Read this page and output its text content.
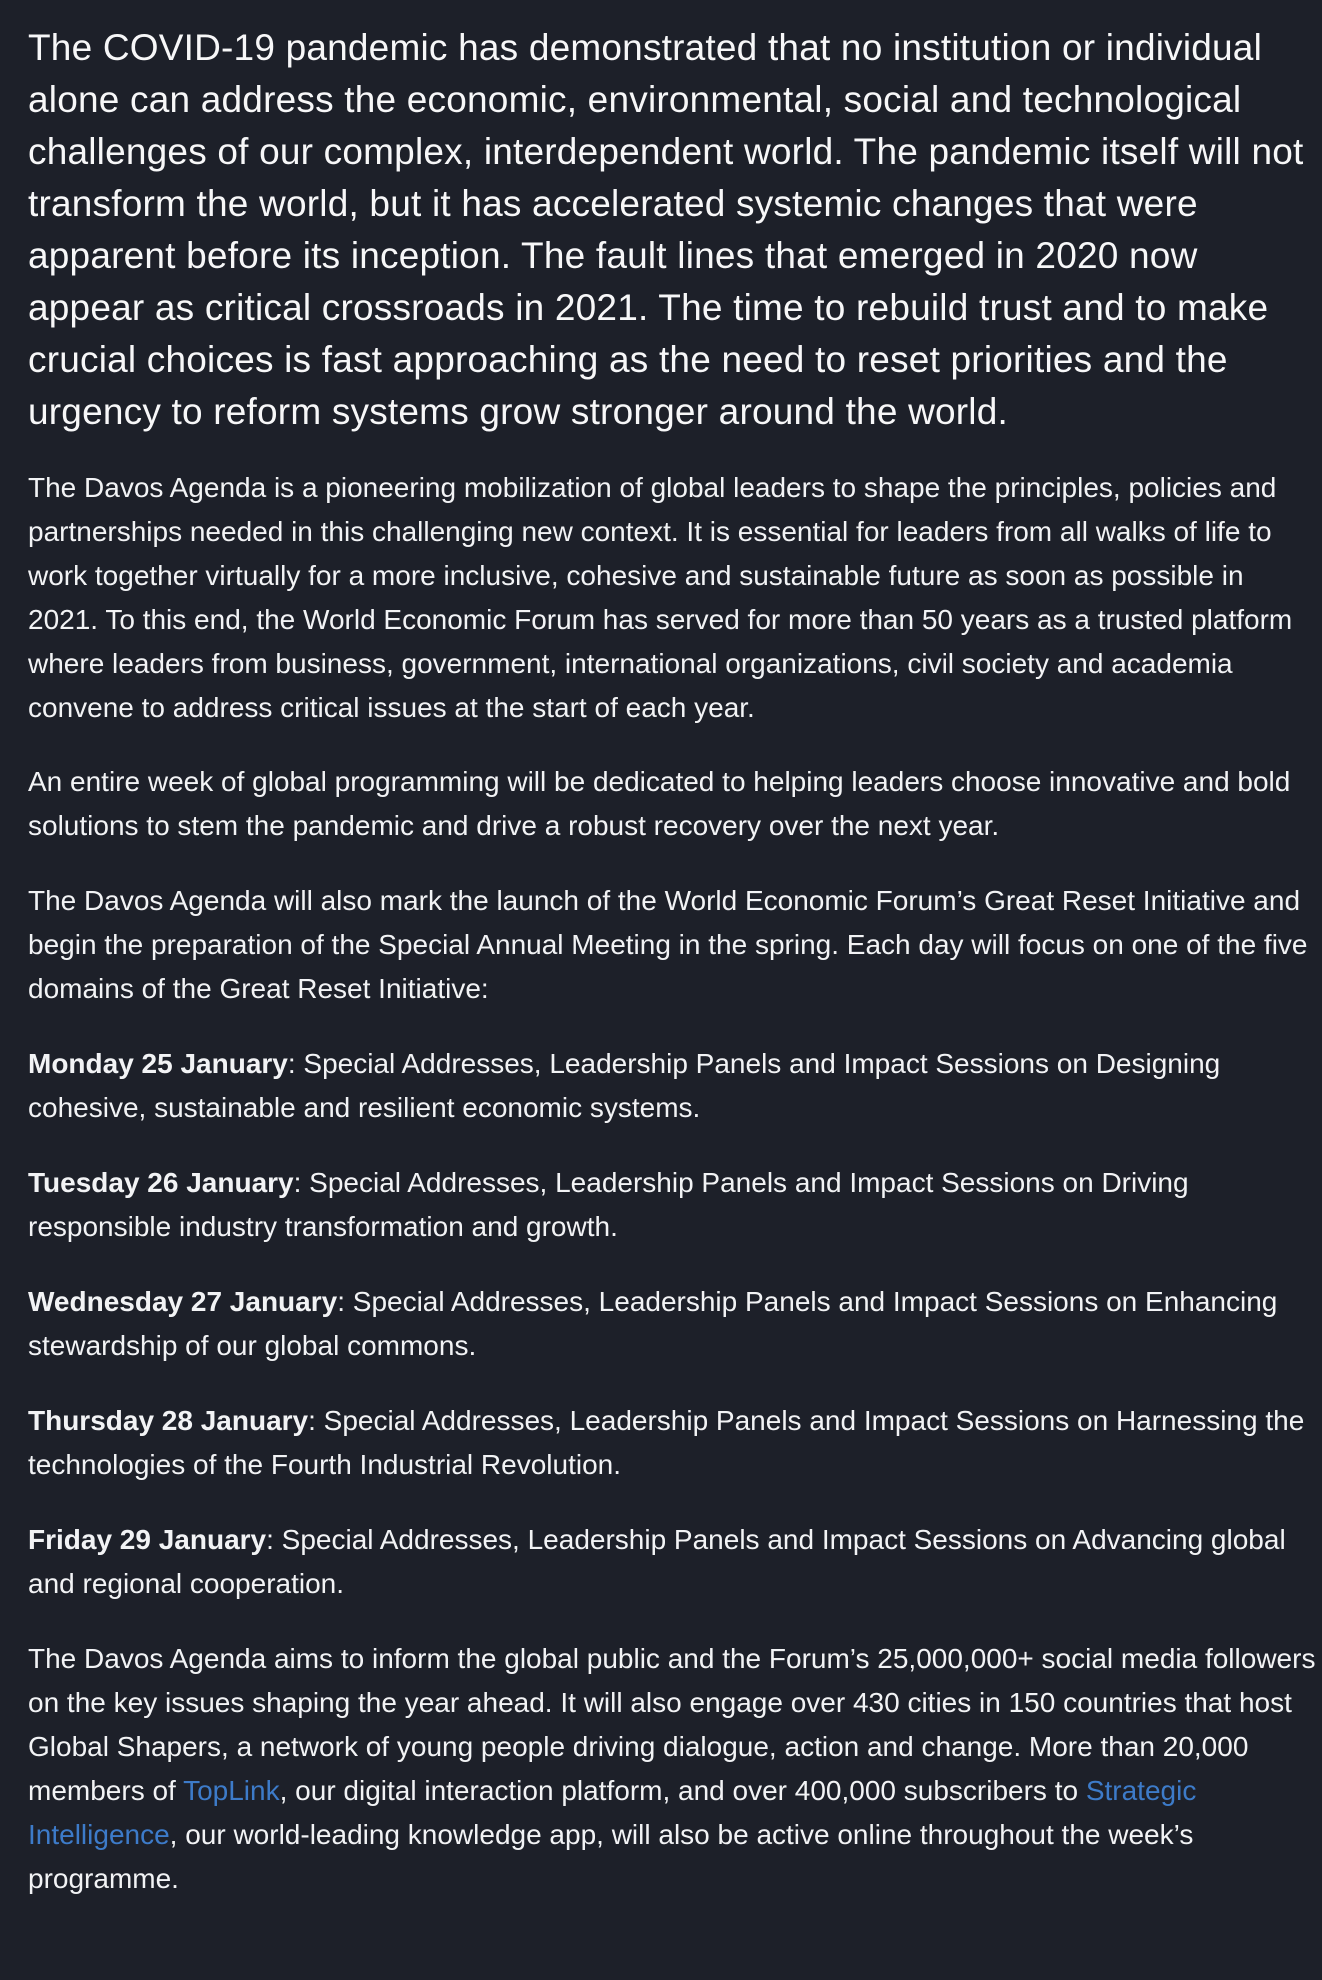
The COVID-19 pandemic has demonstrated that no institution or individual alone can address the economic, environmental, social and technological challenges of our complex, interdependent world. The pandemic itself will not transform the world, but it has accelerated systemic changes that were apparent before its inception. The fault lines that emerged in 2020 now appear as critical crossroads in 2021. The time to rebuild trust and to make crucial choices is fast approaching as the need to reset priorities and the urgency to reform systems grow stronger around the world.

The Davos Agenda is a pioneering mobilization of global leaders to shape the principles, policies and partnerships needed in this challenging new context. It is essential for leaders from all walks of life to work together virtually for a more inclusive, cohesive and sustainable future as soon as possible in 2021. To this end, the World Economic Forum has served for more than 50 years as a trusted platform where leaders from business, government, international organizations, civil society and academia convene to address critical issues at the start of each year.

An entire week of global programming will be dedicated to helping leaders choose innovative and bold solutions to stem the pandemic and drive a robust recovery over the next year.

The Davos Agenda will also mark the launch of the World Economic Forum’s Great Reset Initiative and begin the preparation of the Special Annual Meeting in the spring. Each day will focus on one of the five domains of the Great Reset Initiative:

Monday 25 January: Special Addresses, Leadership Panels and Impact Sessions on Designing cohesive, sustainable and resilient economic systems.

Tuesday 26 January: Special Addresses, Leadership Panels and Impact Sessions on Driving responsible industry transformation and growth.

Wednesday 27 January: Special Addresses, Leadership Panels and Impact Sessions on Enhancing stewardship of our global commons.

Thursday 28 January: Special Addresses, Leadership Panels and Impact Sessions on Harnessing the technologies of the Fourth Industrial Revolution.

Friday 29 January: Special Addresses, Leadership Panels and Impact Sessions on Advancing global and regional cooperation.

The Davos Agenda aims to inform the global public and the Forum’s 25,000,000+ social media followers on the key issues shaping the year ahead. It will also engage over 430 cities in 150 countries that host Global Shapers, a network of young people driving dialogue, action and change. More than 20,000 members of TopLink, our digital interaction platform, and over 400,000 subscribers to Strategic Intelligence, our world-leading knowledge app, will also be active online throughout the week’s programme.
